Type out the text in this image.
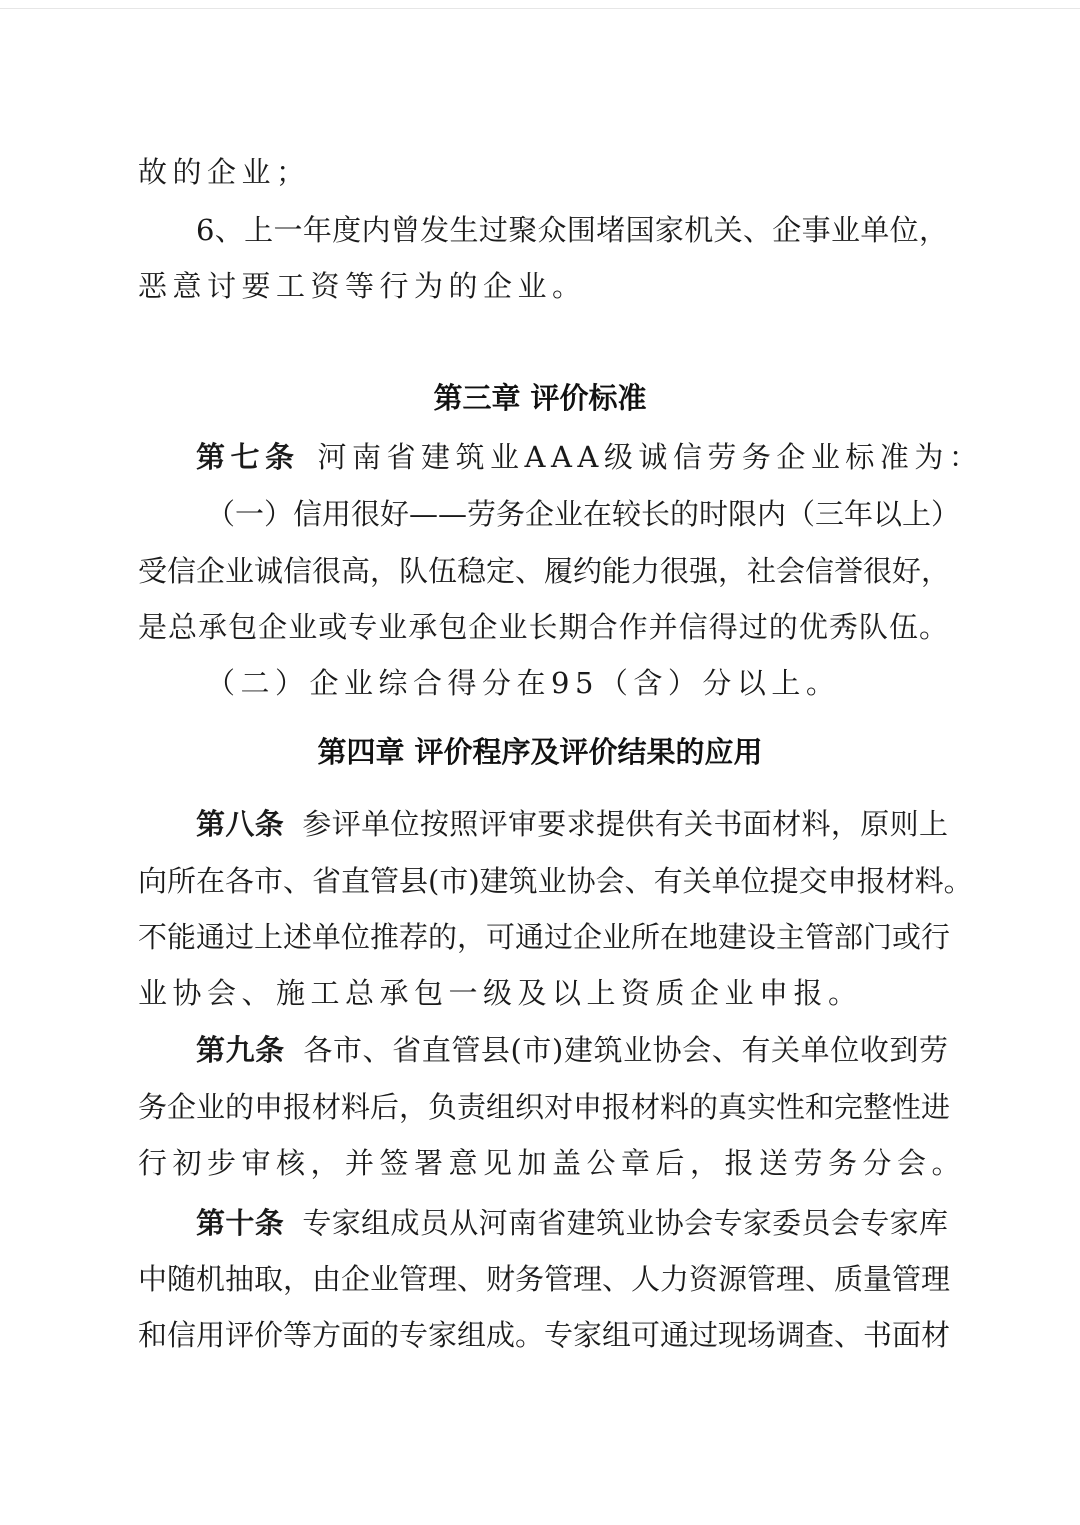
故的企业；
6、上一年度内曾发生过聚众围堵国家机关、企事业单位，
恶意讨要工资等行为的企业。
第三章 评价标准
第七条 河南省建筑业AAA级诚信劳务企业标准为：
（一）信用很好——劳务企业在较长的时限内（三年以上）
受信企业诚信很高，队伍稳定、履约能力很强，社会信誉很好，
是总承包企业或专业承包企业长期合作并信得过的优秀队伍。
（二）企业综合得分在95（含）分以上。
第四章 评价程序及评价结果的应用
第八条 参评单位按照评审要求提供有关书面材料，原则上
向所在各市、省直管县(市)建筑业协会、有关单位提交申报材料。
不能通过上述单位推荐的，可通过企业所在地建设主管部门或行
业协会、施工总承包一级及以上资质企业申报。
第九条 各市、省直管县(市)建筑业协会、有关单位收到劳
务企业的申报材料后，负责组织对申报材料的真实性和完整性进
行初步审核，并签署意见加盖公章后，报送劳务分会。
第十条 专家组成员从河南省建筑业协会专家委员会专家库
中随机抽取，由企业管理、财务管理、人力资源管理、质量管理
和信用评价等方面的专家组成。专家组可通过现场调查、书面材
